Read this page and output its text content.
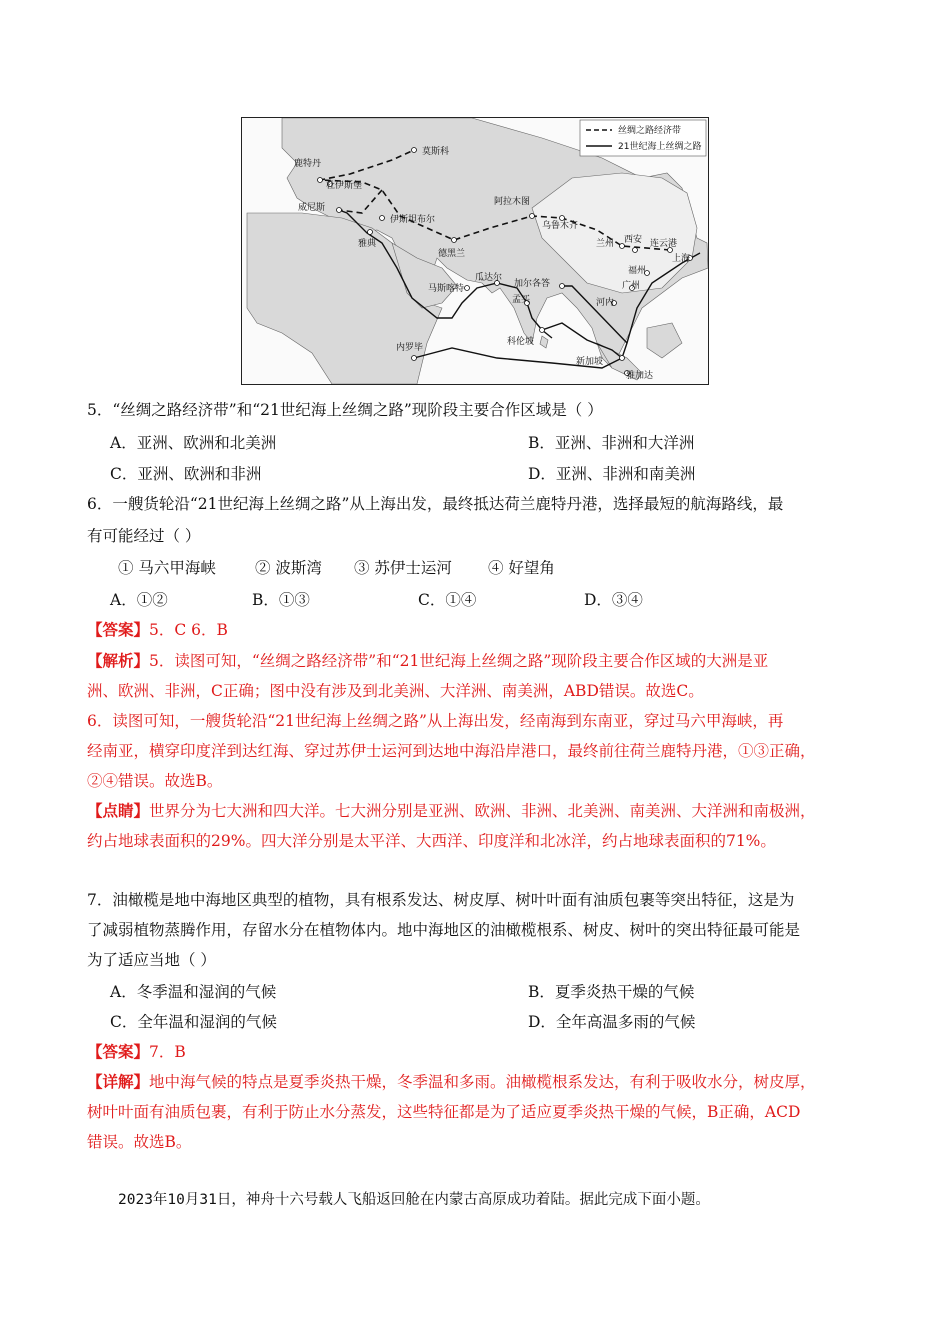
丝绸之路经济带
21世纪海上丝绸之路
莫斯科
鹿特丹
杜伊斯堡
威尼斯
伊斯坦布尔
雅典
德黑兰
阿拉木图
乌鲁木齐
兰州 西安 连云港
上海
福州
广州
河内
瓜达尔
马斯喀特	加尔各答
孟买
科伦坡
内罗毕
新加坡
雅加达
5．“丝绸之路经济带”和“21世纪海上丝绸之路”现阶段主要合作区域是（ ）
A．亚洲、欧洲和北美洲	B．亚洲、非洲和大洋洲
C．亚洲、欧洲和非洲	D．亚洲、非洲和南美洲
6．一艘货轮沿“21世纪海上丝绸之路”从上海出发，最终抵达荷兰鹿特丹港，选择最短的航海路线，最
有可能经过（ ）
① 马六甲海峡	② 波斯湾 ③ 苏伊士运河 ④ 好望角
A．①②	B．①③	C．①④	D．③④
【答案】5．C 6．B
【解析】5．读图可知，“丝绸之路经济带”和“21世纪海上丝绸之路”现阶段主要合作区域的大洲是亚
洲、欧洲、非洲，C正确；图中没有涉及到北美洲、大洋洲、南美洲，ABD错误。故选C。
6．读图可知，一艘货轮沿“21世纪海上丝绸之路”从上海出发，经南海到东南亚，穿过马六甲海峡，再
经南亚，横穿印度洋到达红海、穿过苏伊士运河到达地中海沿岸港口，最终前往荷兰鹿特丹港，①③正确，
②④错误。故选B。
【点睛】世界分为七大洲和四大洋。七大洲分别是亚洲、欧洲、非洲、北美洲、南美洲、大洋洲和南极洲，
约占地球表面积的29%。四大洋分别是太平洋、大西洋、印度洋和北冰洋，约占地球表面积的71%。
7．油橄榄是地中海地区典型的植物，具有根系发达、树皮厚、树叶叶面有油质包裹等突出特征，这是为
了减弱植物蒸腾作用，存留水分在植物体内。地中海地区的油橄榄根系、树皮、树叶的突出特征最可能是
为了适应当地（ ）
A．冬季温和湿润的气候	B．夏季炎热干燥的气候
C．全年温和湿润的气候	D．全年高温多雨的气候
【答案】7．B
【详解】地中海气候的特点是夏季炎热干燥，冬季温和多雨。油橄榄根系发达，有利于吸收水分，树皮厚，
树叶叶面有油质包裹，有利于防止水分蒸发，这些特征都是为了适应夏季炎热干燥的气候，B正确，ACD
错误。故选B。
2023年10月31日，神舟十六号载人飞船返回舱在内蒙古高原成功着陆。据此完成下面小题。
